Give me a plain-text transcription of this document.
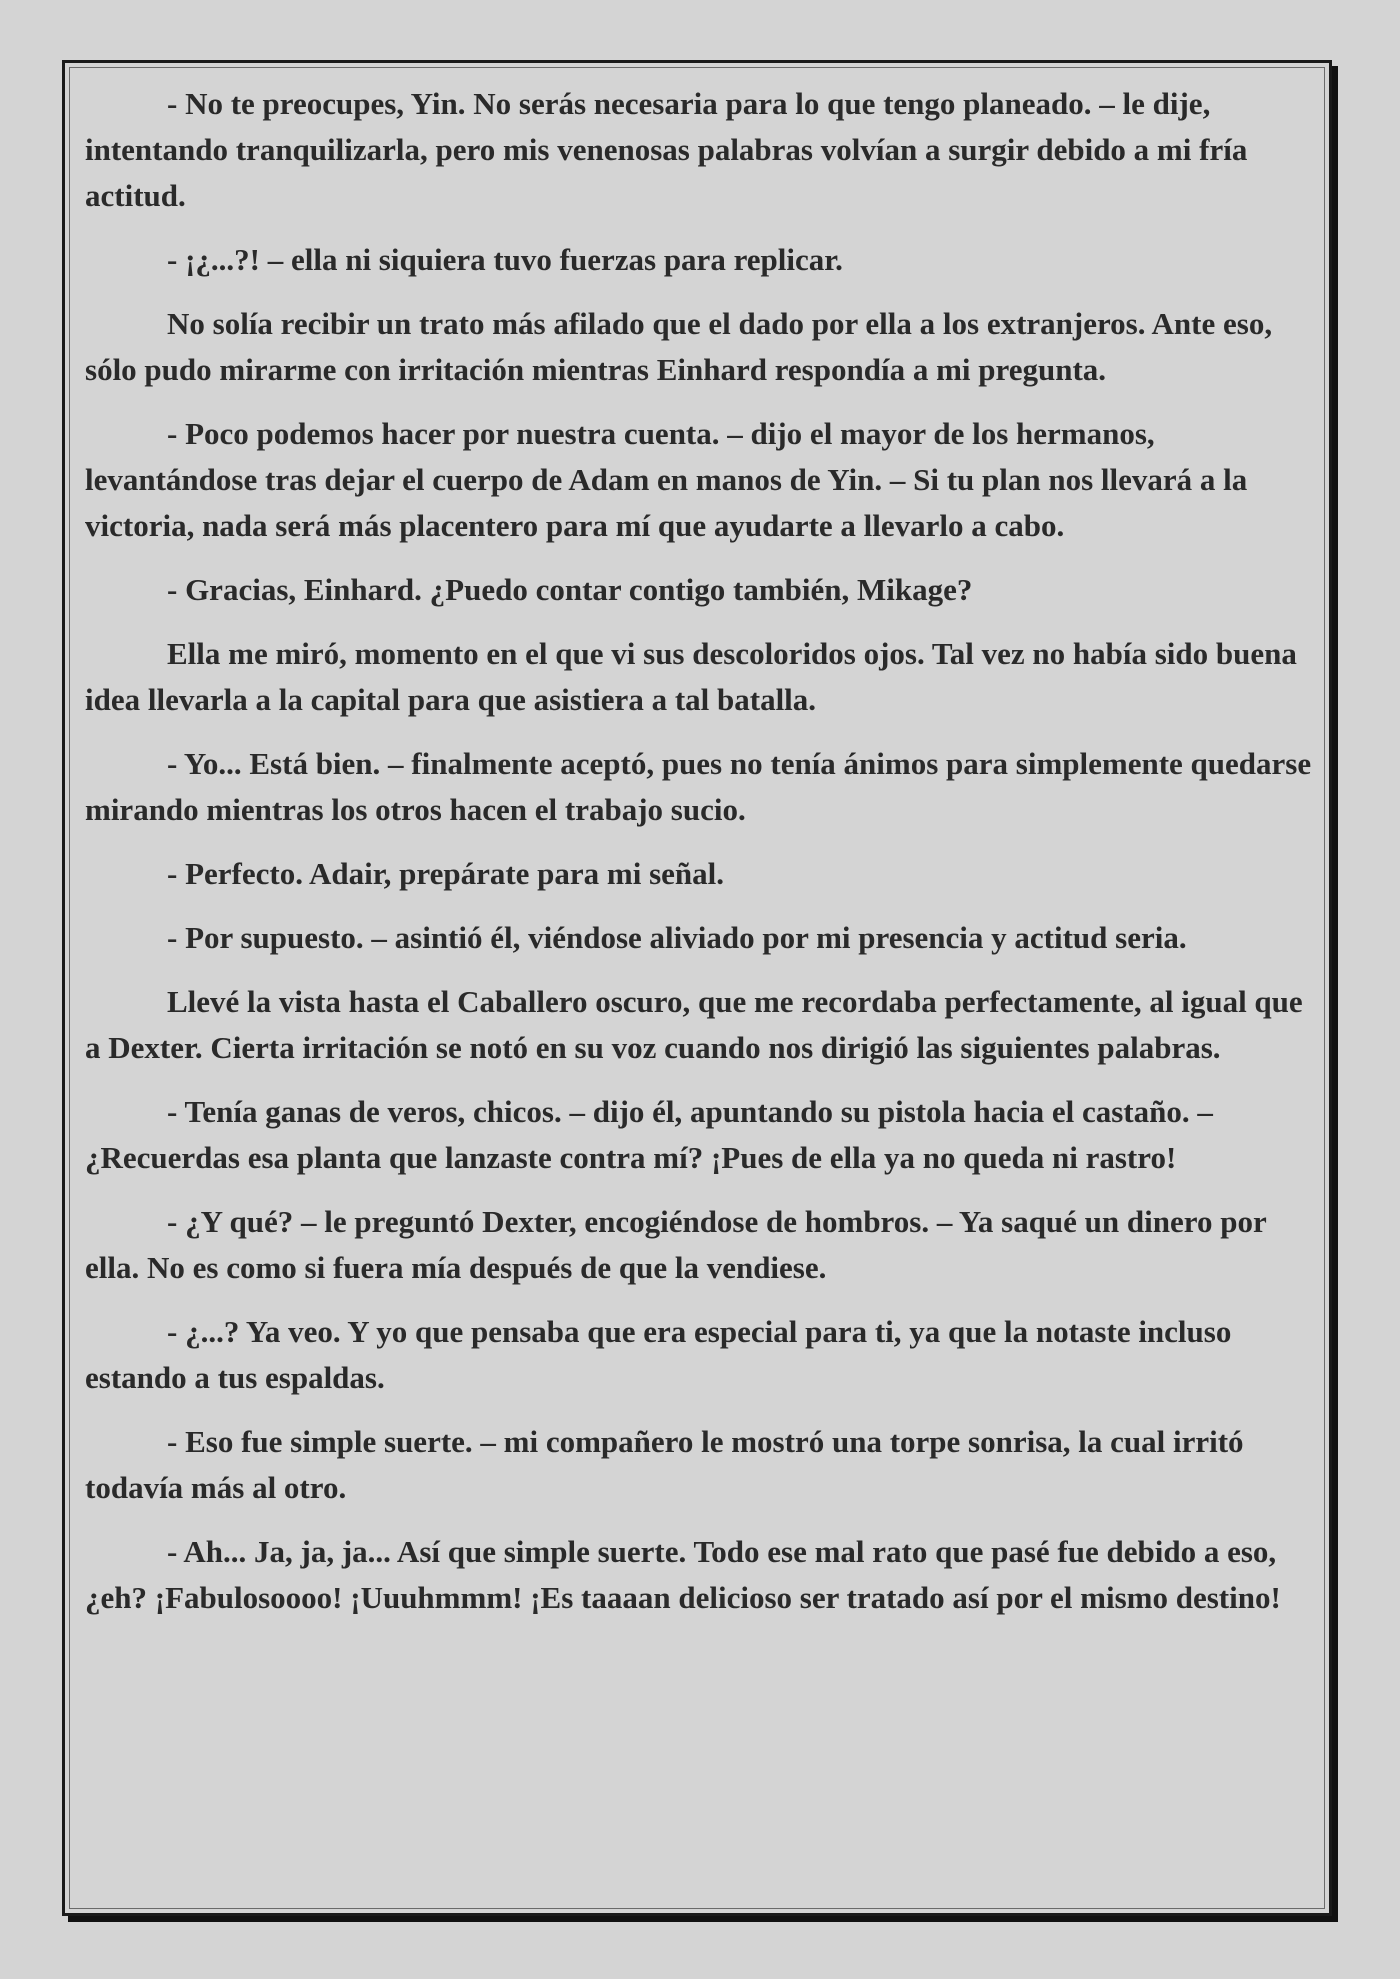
- No te preocupes, Yin. No serás necesaria para lo que tengo planeado. – le dije, intentando tranquilizarla, pero mis venenosas palabras volvían a surgir debido a mi fría actitud.

- ¡¿...?! – ella ni siquiera tuvo fuerzas para replicar.

No solía recibir un trato más afilado que el dado por ella a los extranjeros. Ante eso, sólo pudo mirarme con irritación mientras Einhard respondía a mi pregunta.

- Poco podemos hacer por nuestra cuenta. – dijo el mayor de los hermanos, levantándose tras dejar el cuerpo de Adam en manos de Yin. – Si tu plan nos llevará a la victoria, nada será más placentero para mí que ayudarte a llevarlo a cabo.

- Gracias, Einhard. ¿Puedo contar contigo también, Mikage?

Ella me miró, momento en el que vi sus descoloridos ojos. Tal vez no había sido buena idea llevarla a la capital para que asistiera a tal batalla.

- Yo... Está bien. – finalmente aceptó, pues no tenía ánimos para simplemente quedarse mirando mientras los otros hacen el trabajo sucio.

- Perfecto. Adair, prepárate para mi señal.

- Por supuesto. – asintió él, viéndose aliviado por mi presencia y actitud seria.

Llevé la vista hasta el Caballero oscuro, que me recordaba perfectamente, al igual que a Dexter. Cierta irritación se notó en su voz cuando nos dirigió las siguientes palabras.

- Tenía ganas de veros, chicos. – dijo él, apuntando su pistola hacia el castaño. – ¿Recuerdas esa planta que lanzaste contra mí? ¡Pues de ella ya no queda ni rastro!

- ¿Y qué? – le preguntó Dexter, encogiéndose de hombros. – Ya saqué un dinero por ella. No es como si fuera mía después de que la vendiese.

- ¿...? Ya veo. Y yo que pensaba que era especial para ti, ya que la notaste incluso estando a tus espaldas.

- Eso fue simple suerte. – mi compañero le mostró una torpe sonrisa, la cual irritó todavía más al otro.

- Ah... Ja, ja, ja... Así que simple suerte. Todo ese mal rato que pasé fue debido a eso, ¿eh? ¡Fabulosoooo! ¡Uuuhmmm! ¡Es taaaan delicioso ser tratado así por el mismo destino!
